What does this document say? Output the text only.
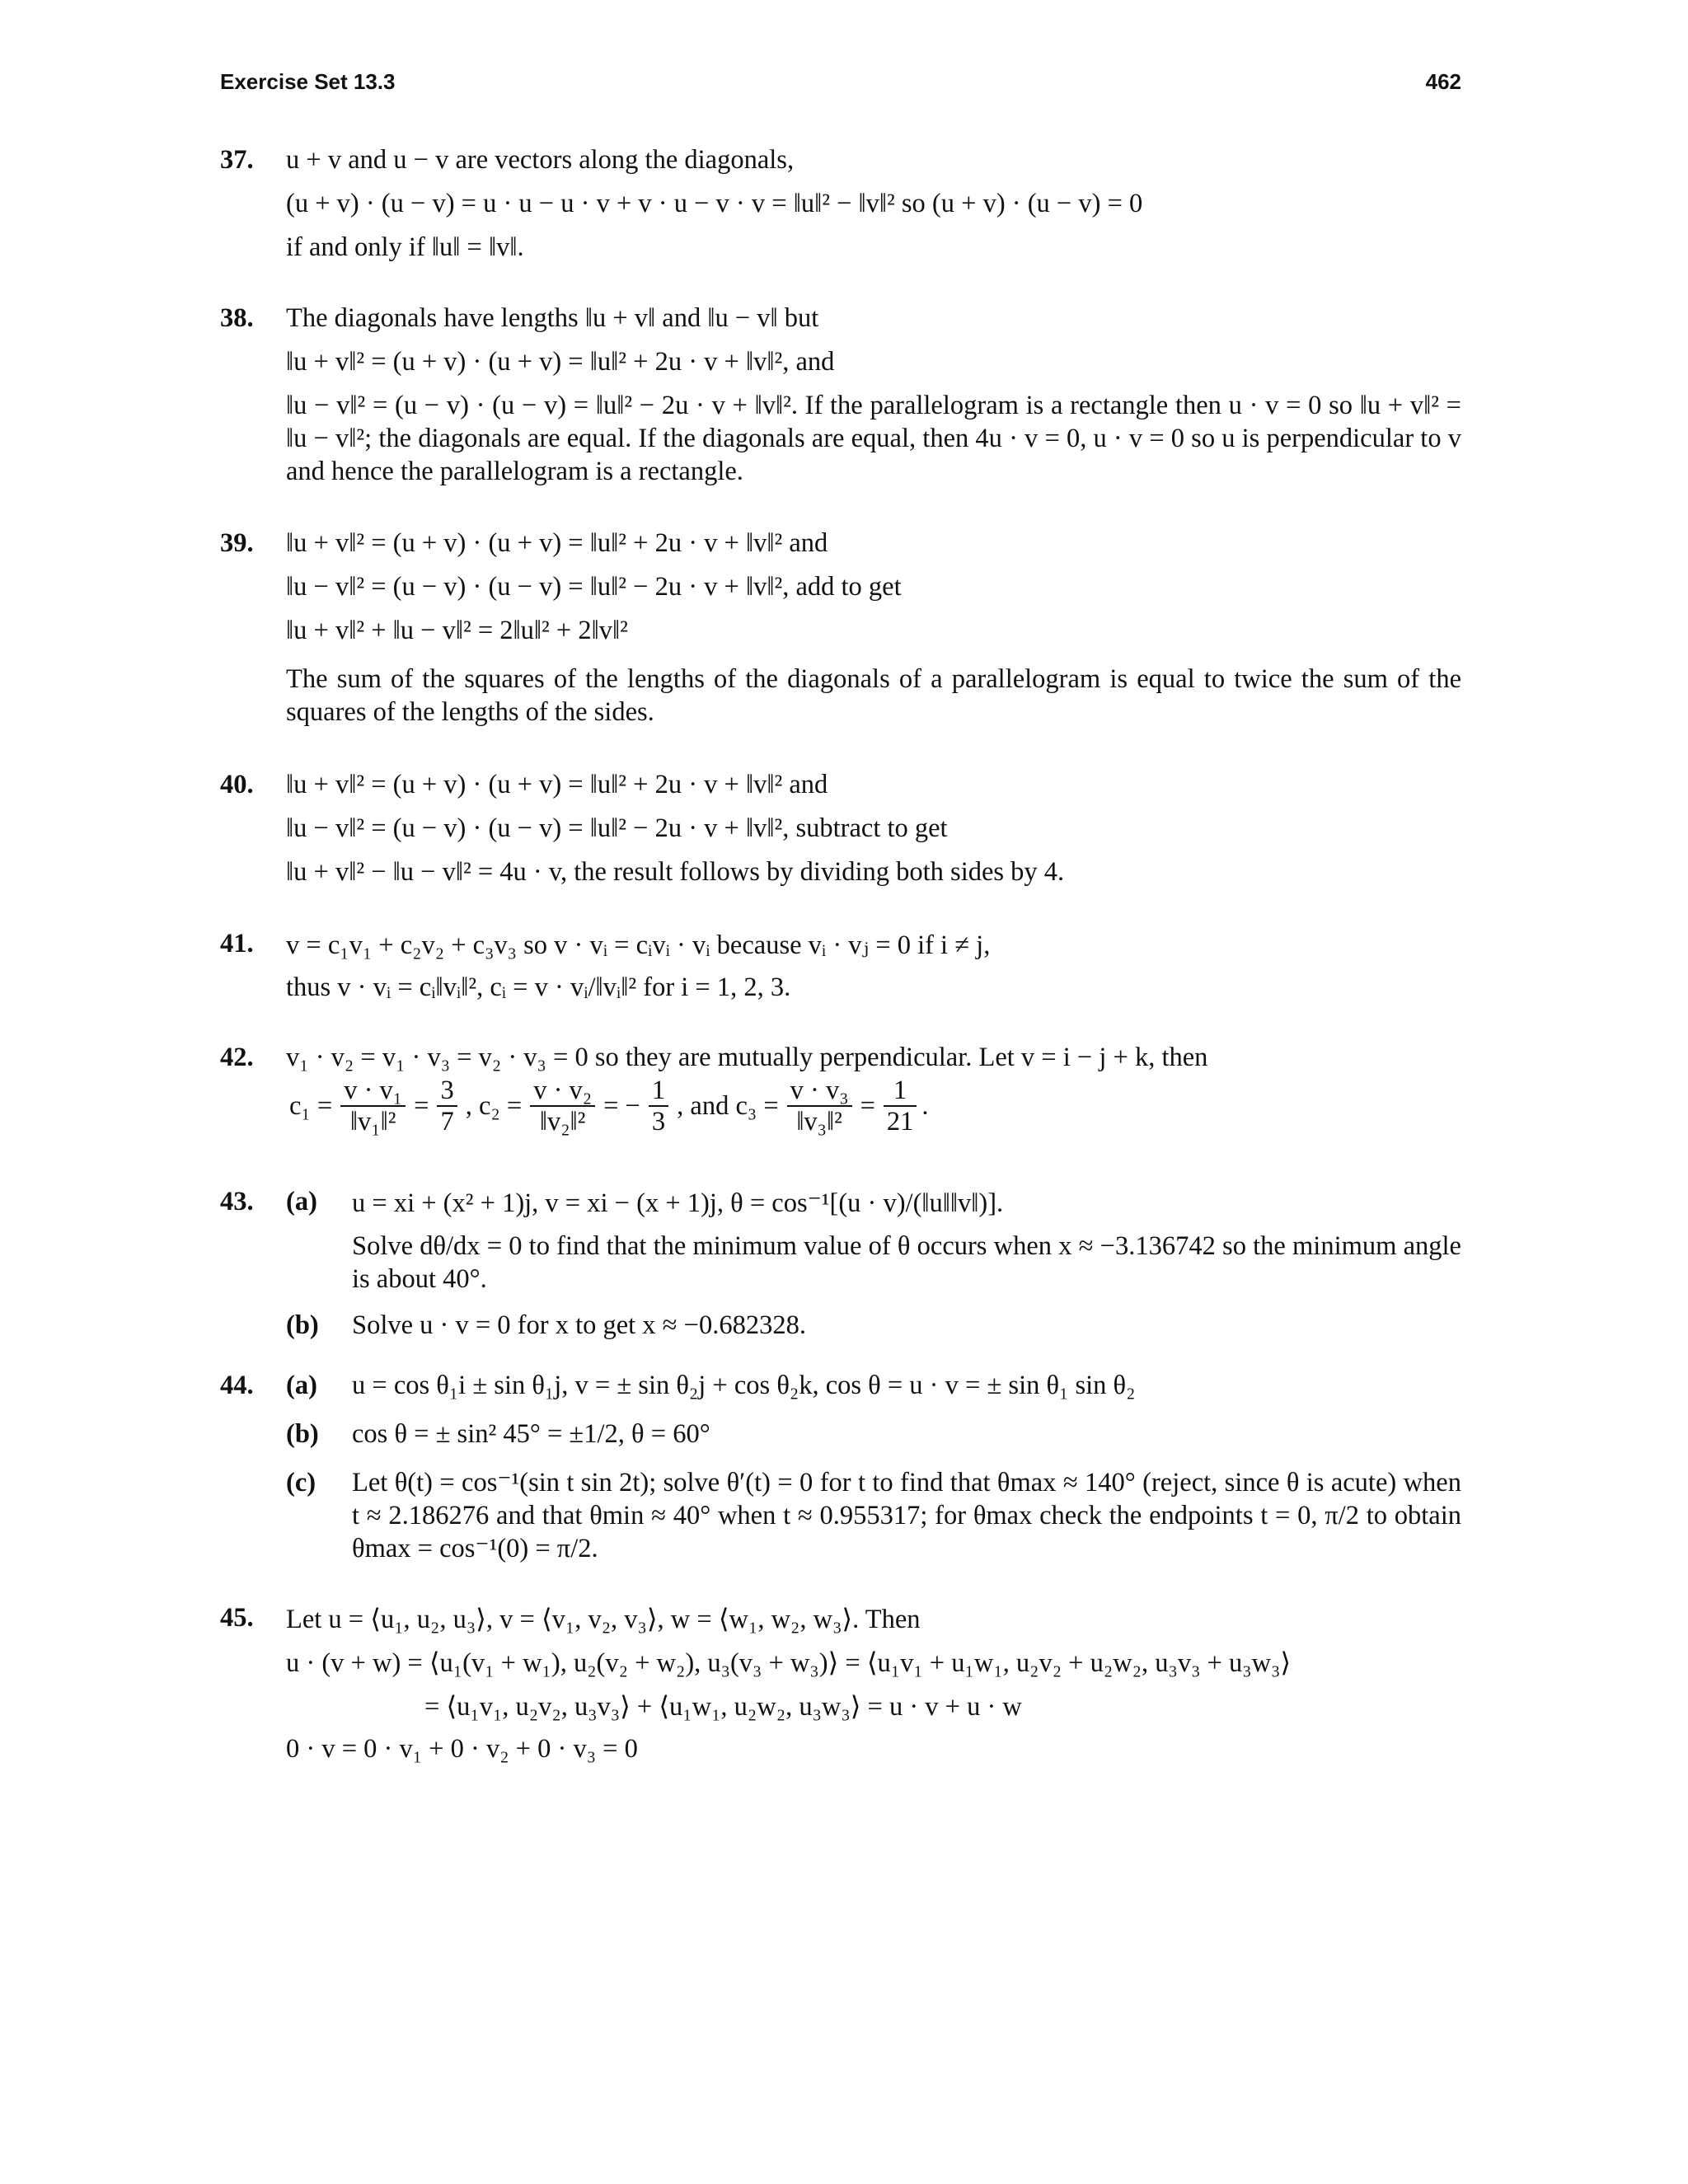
Exercise Set 13.3	462
37. u + v and u − v are vectors along the diagonals,
(u + v) · (u − v) = u · u − u · v + v · u − v · v = ‖u‖² − ‖v‖² so (u + v) · (u − v) = 0
if and only if ‖u‖ = ‖v‖.
38. The diagonals have lengths ‖u + v‖ and ‖u − v‖ but
‖u + v‖² = (u + v) · (u + v) = ‖u‖² + 2u · v + ‖v‖², and
‖u − v‖² = (u − v) · (u − v) = ‖u‖² − 2u · v + ‖v‖². If the parallelogram is a rectangle then u · v = 0 so ‖u + v‖² = ‖u − v‖²; the diagonals are equal. If the diagonals are equal, then 4u · v = 0, u · v = 0 so u is perpendicular to v and hence the parallelogram is a rectangle.
39. ‖u + v‖² = (u + v) · (u + v) = ‖u‖² + 2u · v + ‖v‖² and
‖u − v‖² = (u − v) · (u − v) = ‖u‖² − 2u · v + ‖v‖², add to get
‖u + v‖² + ‖u − v‖² = 2‖u‖² + 2‖v‖²
The sum of the squares of the lengths of the diagonals of a parallelogram is equal to twice the sum of the squares of the lengths of the sides.
40. ‖u + v‖² = (u + v) · (u + v) = ‖u‖² + 2u · v + ‖v‖² and
‖u − v‖² = (u − v) · (u − v) = ‖u‖² − 2u · v + ‖v‖², subtract to get
‖u + v‖² − ‖u − v‖² = 4u · v, the result follows by dividing both sides by 4.
41. v = c₁v₁ + c₂v₂ + c₃v₃ so v · vᵢ = cᵢvᵢ · vᵢ because vᵢ · vⱼ = 0 if i ≠ j,
thus v · vᵢ = cᵢ‖vᵢ‖², cᵢ = v · vᵢ/‖vᵢ‖² for i = 1, 2, 3.
42. v₁ · v₂ = v₁ · v₃ = v₂ · v₃ = 0 so they are mutually perpendicular. Let v = i − j + k, then
$c_1 = \frac{\text{v · v₁}}{\text{‖v₁‖²}} = \frac{3}{7}$ , $c_2 = \frac{\text{v · v₂}}{\text{‖v₂‖²}}$ = − $\frac{1}{3}$ , and $c_3 = \frac{\text{v · v₃}}{\text{‖v₃‖²}} = \frac{1}{21}$ .
43. (a) u = xi + (x² + 1)j, v = xi − (x + 1)j, θ = cos⁻¹[(u · v)/(‖u‖‖v‖)].
Solve dθ/dx = 0 to find that the minimum value of θ occurs when x ≈ −3.136742 so the minimum angle is about 40°.
(b) Solve u · v = 0 for x to get x ≈ −0.682328.
44. (a) u = cos θ₁i ± sin θ₁j, v = ± sin θ₂j + cos θ₂k, cos θ = u · v = ± sin θ₁ sin θ₂
(b) cos θ = ± sin² 45° = ±1/2, θ = 60°
(c) Let θ(t) = cos⁻¹(sin t sin 2t); solve θ′(t) = 0 for t to find that θmax ≈ 140° (reject, since θ is acute) when t ≈ 2.186276 and that θmin ≈ 40° when t ≈ 0.955317; for θmax check the endpoints t = 0, π/2 to obtain θmax = cos⁻¹(0) = π/2.
45. Let u = ⟨u₁, u₂, u₃⟩, v = ⟨v₁, v₂, v₃⟩, w = ⟨w₁, w₂, w₃⟩. Then
u · (v + w) = ⟨u₁(v₁ + w₁), u₂(v₂ + w₂), u₃(v₃ + w₃)⟩ = ⟨u₁v₁ + u₁w₁, u₂v₂ + u₂w₂, u₃v₃ + u₃w₃⟩
= ⟨u₁v₁, u₂v₂, u₃v₃⟩ + ⟨u₁w₁, u₂w₂, u₃w₃⟩ = u · v + u · w
0 · v = 0 · v₁ + 0 · v₂ + 0 · v₃ = 0
